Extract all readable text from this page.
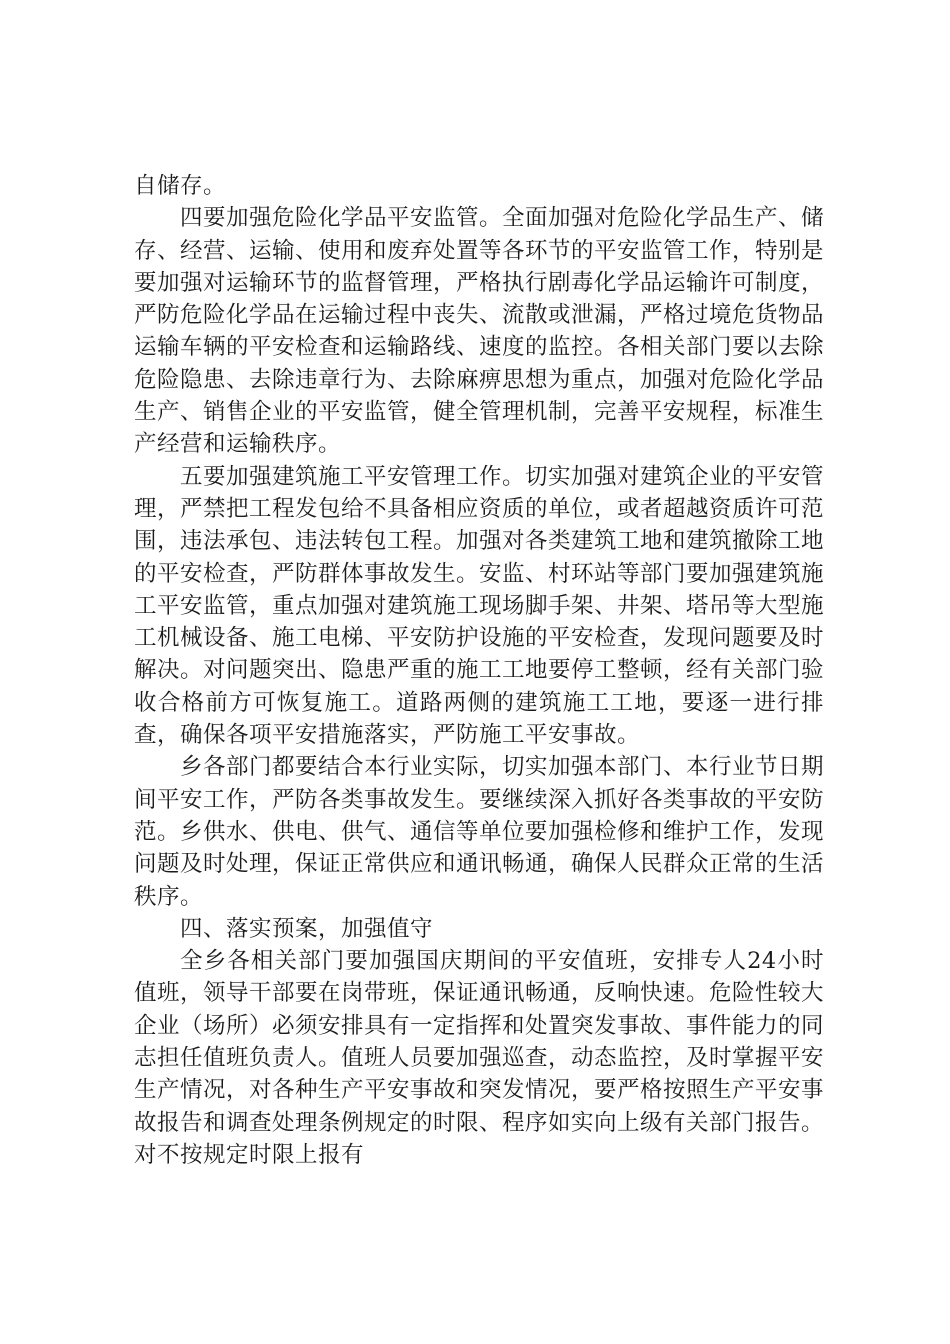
自储存。

四要加强危险化学品平安监管。全面加强对危险化学品生产、储存、经营、运输、使用和废弃处置等各环节的平安监管工作，特别是要加强对运输环节的监督管理，严格执行剧毒化学品运输许可制度，严防危险化学品在运输过程中丧失、流散或泄漏，严格过境危货物品运输车辆的平安检查和运输路线、速度的监控。各相关部门要以去除危险隐患、去除违章行为、去除麻痹思想为重点，加强对危险化学品生产、销售企业的平安监管，健全管理机制，完善平安规程，标准生产经营和运输秩序。

五要加强建筑施工平安管理工作。切实加强对建筑企业的平安管理，严禁把工程发包给不具备相应资质的单位，或者超越资质许可范围，违法承包、违法转包工程。加强对各类建筑工地和建筑撤除工地的平安检查，严防群体事故发生。安监、村环站等部门要加强建筑施工平安监管，重点加强对建筑施工现场脚手架、井架、塔吊等大型施工机械设备、施工电梯、平安防护设施的平安检查，发现问题要及时解决。对问题突出、隐患严重的施工工地要停工整顿，经有关部门验收合格前方可恢复施工。道路两侧的建筑施工工地，要逐一进行排查，确保各项平安措施落实，严防施工平安事故。

乡各部门都要结合本行业实际，切实加强本部门、本行业节日期间平安工作，严防各类事故发生。要继续深入抓好各类事故的平安防范。乡供水、供电、供气、通信等单位要加强检修和维护工作，发现问题及时处理，保证正常供应和通讯畅通，确保人民群众正常的生活秩序。

四、落实预案，加强值守

全乡各相关部门要加强国庆期间的平安值班，安排专人24小时值班，领导干部要在岗带班，保证通讯畅通，反响快速。危险性较大企业（场所）必须安排具有一定指挥和处置突发事故、事件能力的同志担任值班负责人。值班人员要加强巡查，动态监控，及时掌握平安生产情况，对各种生产平安事故和突发情况，要严格按照生产平安事故报告和调查处理条例规定的时限、程序如实向上级有关部门报告。对不按规定时限上报有
